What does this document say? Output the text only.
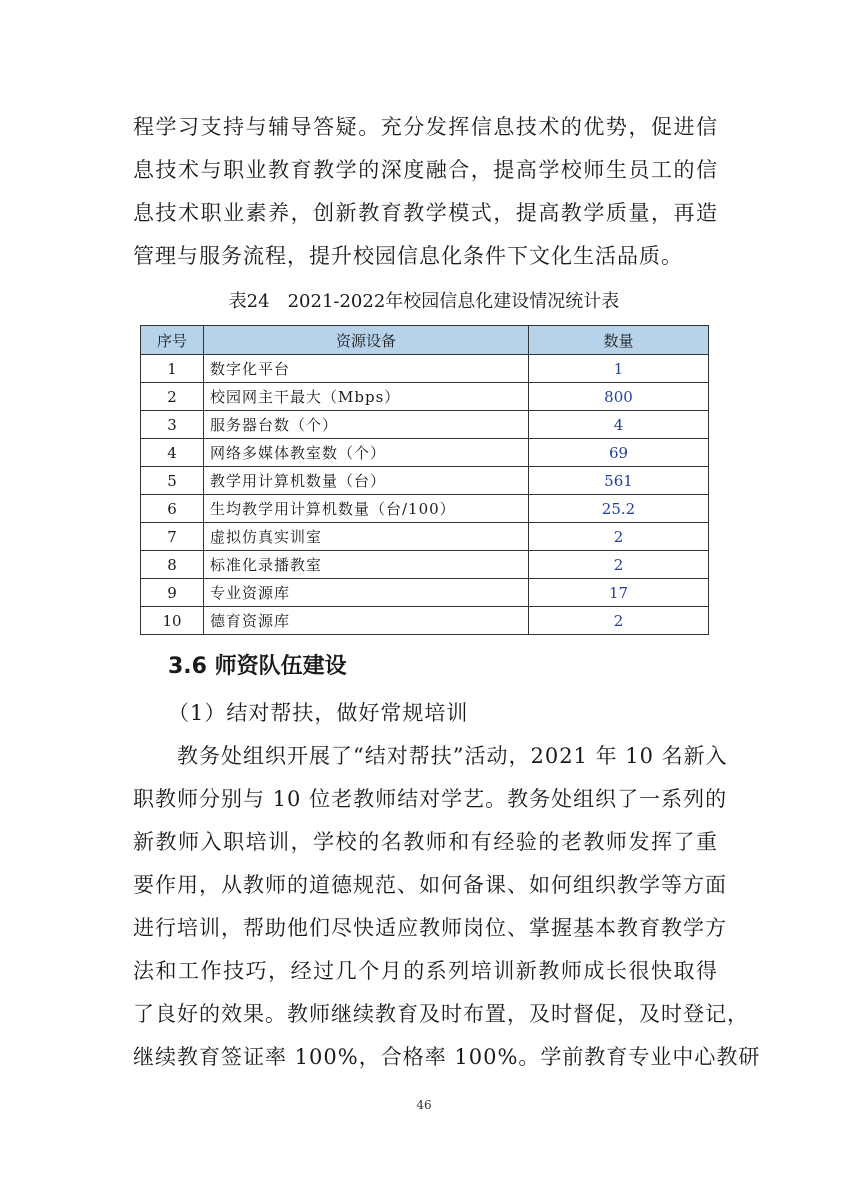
程学习支持与辅导答疑。充分发挥信息技术的优势，促进信
息技术与职业教育教学的深度融合，提高学校师生员工的信
息技术职业素养，创新教育教学模式，提高教学质量，再造
管理与服务流程，提升校园信息化条件下文化生活品质。
表24　2021-2022年校园信息化建设情况统计表
序号	资源设备	数量
1	数字化平台	1
2	校园网主干最大（Mbps）	800
3	服务器台数（个）	4
4	网络多媒体教室数（个）	69
5	教学用计算机数量（台）	561
6	生均教学用计算机数量（台/100）	25.2
7	虚拟仿真实训室	2
8	标准化录播教室	2
9	专业资源库	17
10	德育资源库	2
3.6 师资队伍建设
（1）结对帮扶，做好常规培训
　　教务处组织开展了“结对帮扶”活动，2021 年 10 名新入
职教师分别与 10 位老教师结对学艺。教务处组织了一系列的
新教师入职培训，学校的名教师和有经验的老教师发挥了重
要作用，从教师的道德规范、如何备课、如何组织教学等方面
进行培训，帮助他们尽快适应教师岗位、掌握基本教育教学方
法和工作技巧，经过几个月的系列培训新教师成长很快取得
了良好的效果。教师继续教育及时布置，及时督促，及时登记，
继续教育签证率 100%，合格率 100%。学前教育专业中心教研
46
